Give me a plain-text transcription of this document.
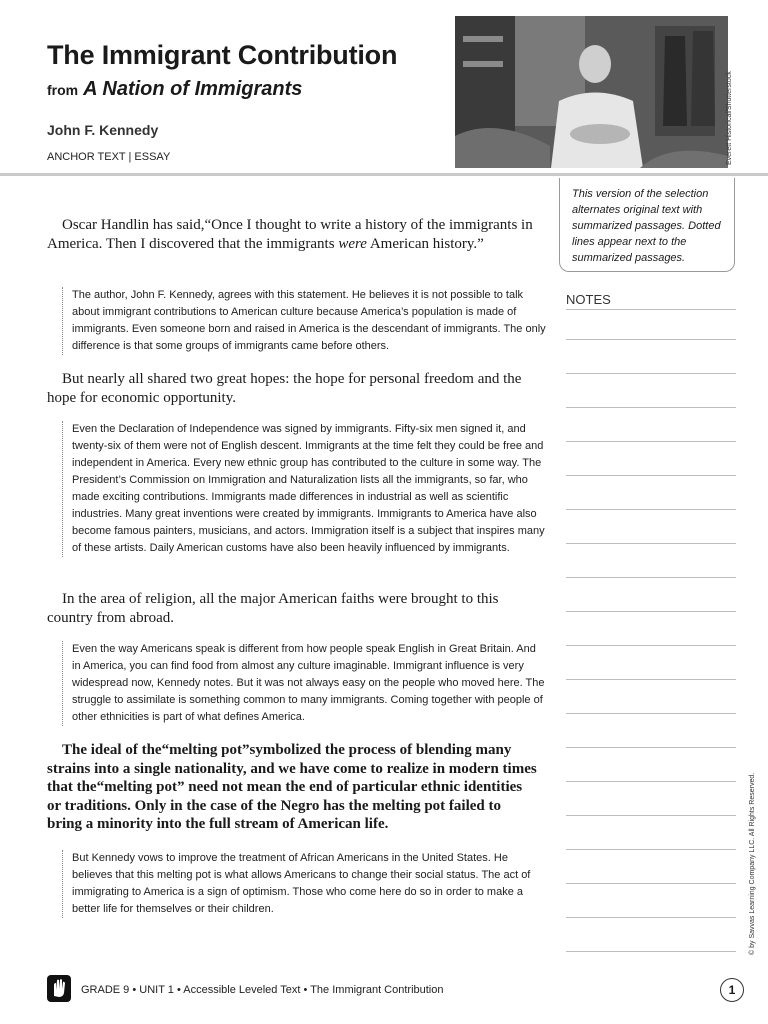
The Immigrant Contribution
from A Nation of Immigrants
John F. Kennedy
ANCHOR TEXT | ESSAY	Everett Historical/Shutterstock
This version of the selection alternates original text with summarized passages. Dotted lines appear next to the summarized passages.
NOTES

Oscar Handlin has said,“Once I thought to write a history of the immigrants in America. Then I discovered that the immigrants were American history.”

The author, John F. Kennedy, agrees with this statement. He believes it is not possible to talk about immigrant contributions to American culture because America’s population is made of immigrants. Even someone born and raised in America is the descendant of immigrants. The only difference is that some groups of immigrants came before others.

But nearly all shared two great hopes: the hope for personal freedom and the hope for economic opportunity.

Even the Declaration of Independence was signed by immigrants. Fifty-six men signed it, and twenty-six of them were not of English descent. Immigrants at the time felt they could be free and independent in America. Every new ethnic group has contributed to the culture in some way. The President’s Commission on Immigration and Naturalization lists all the immigrants, so far, who made exciting contributions. Immigrants made differences in industrial as well as scientific industries. Many great inventions were created by immigrants. Immigrants to America have also become famous painters, musicians, and actors. Immigration itself is a subject that inspires many of these artists. Daily American customs have also been heavily influenced by immigrants.

In the area of religion, all the major American faiths were brought to this country from abroad.

Even the way Americans speak is different from how people speak English in Great Britain. And in America, you can find food from almost any culture imaginable. Immigrant influence is very widespread now, Kennedy notes. But it was not always easy on the people who moved here. The struggle to assimilate is something common to many immigrants. Coming together with people of other ethnicities is part of what defines America.

The ideal of the“melting pot”symbolized the process of blending many strains into a single nationality, and we have come to realize in modern times that the“melting pot” need not mean the end of particular ethnic identities or traditions. Only in the case of the Negro has the melting pot failed to bring a minority into the full stream of American life.

But Kennedy vows to improve the treatment of African Americans in the United States. He believes that this melting pot is what allows Americans to change their social status. The act of immigrating to America is a sign of optimism. Those who come here do so in order to make a better life for themselves or their children.	© by Savvas Learning Company LLC. All Rights Reserved.
GRADE 9 • UNIT 1 • Accessible Leveled Text • The Immigrant Contribution	1
